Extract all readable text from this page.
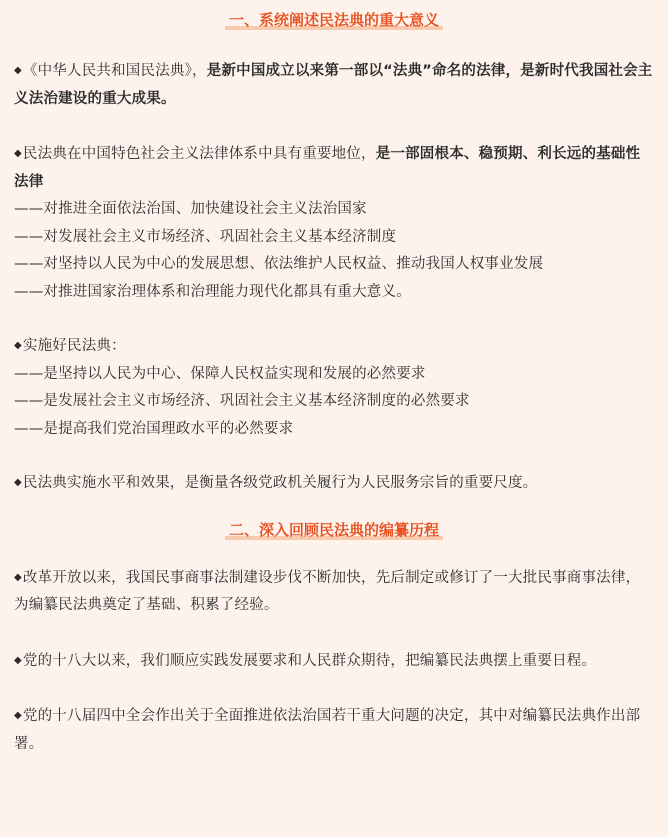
一、系统阐述民法典的重大意义
◆《中华人民共和国民法典》，是新中国成立以来第一部以“法典”命名的法律，是新时代我国社会主义法治建设的重大成果。
◆民法典在中国特色社会主义法律体系中具有重要地位，是一部固根本、稳预期、利长远的基础性法律
——对推进全面依法治国、加快建设社会主义法治国家
——对发展社会主义市场经济、巩固社会主义基本经济制度
——对坚持以人民为中心的发展思想、依法维护人民权益、推动我国人权事业发展
——对推进国家治理体系和治理能力现代化都具有重大意义。
◆实施好民法典：
——是坚持以人民为中心、保障人民权益实现和发展的必然要求
——是发展社会主义市场经济、巩固社会主义基本经济制度的必然要求
——是提高我们党治国理政水平的必然要求
◆民法典实施水平和效果，是衡量各级党政机关履行为人民服务宗旨的重要尺度。
二、深入回顾民法典的编纂历程
◆改革开放以来，我国民事商事法制建设步伐不断加快，先后制定或修订了一大批民事商事法律，为编纂民法典奠定了基础、积累了经验。
◆党的十八大以来，我们顺应实践发展要求和人民群众期待，把编纂民法典摆上重要日程。
◆党的十八届四中全会作出关于全面推进依法治国若干重大问题的决定，其中对编纂民法典作出部署。
